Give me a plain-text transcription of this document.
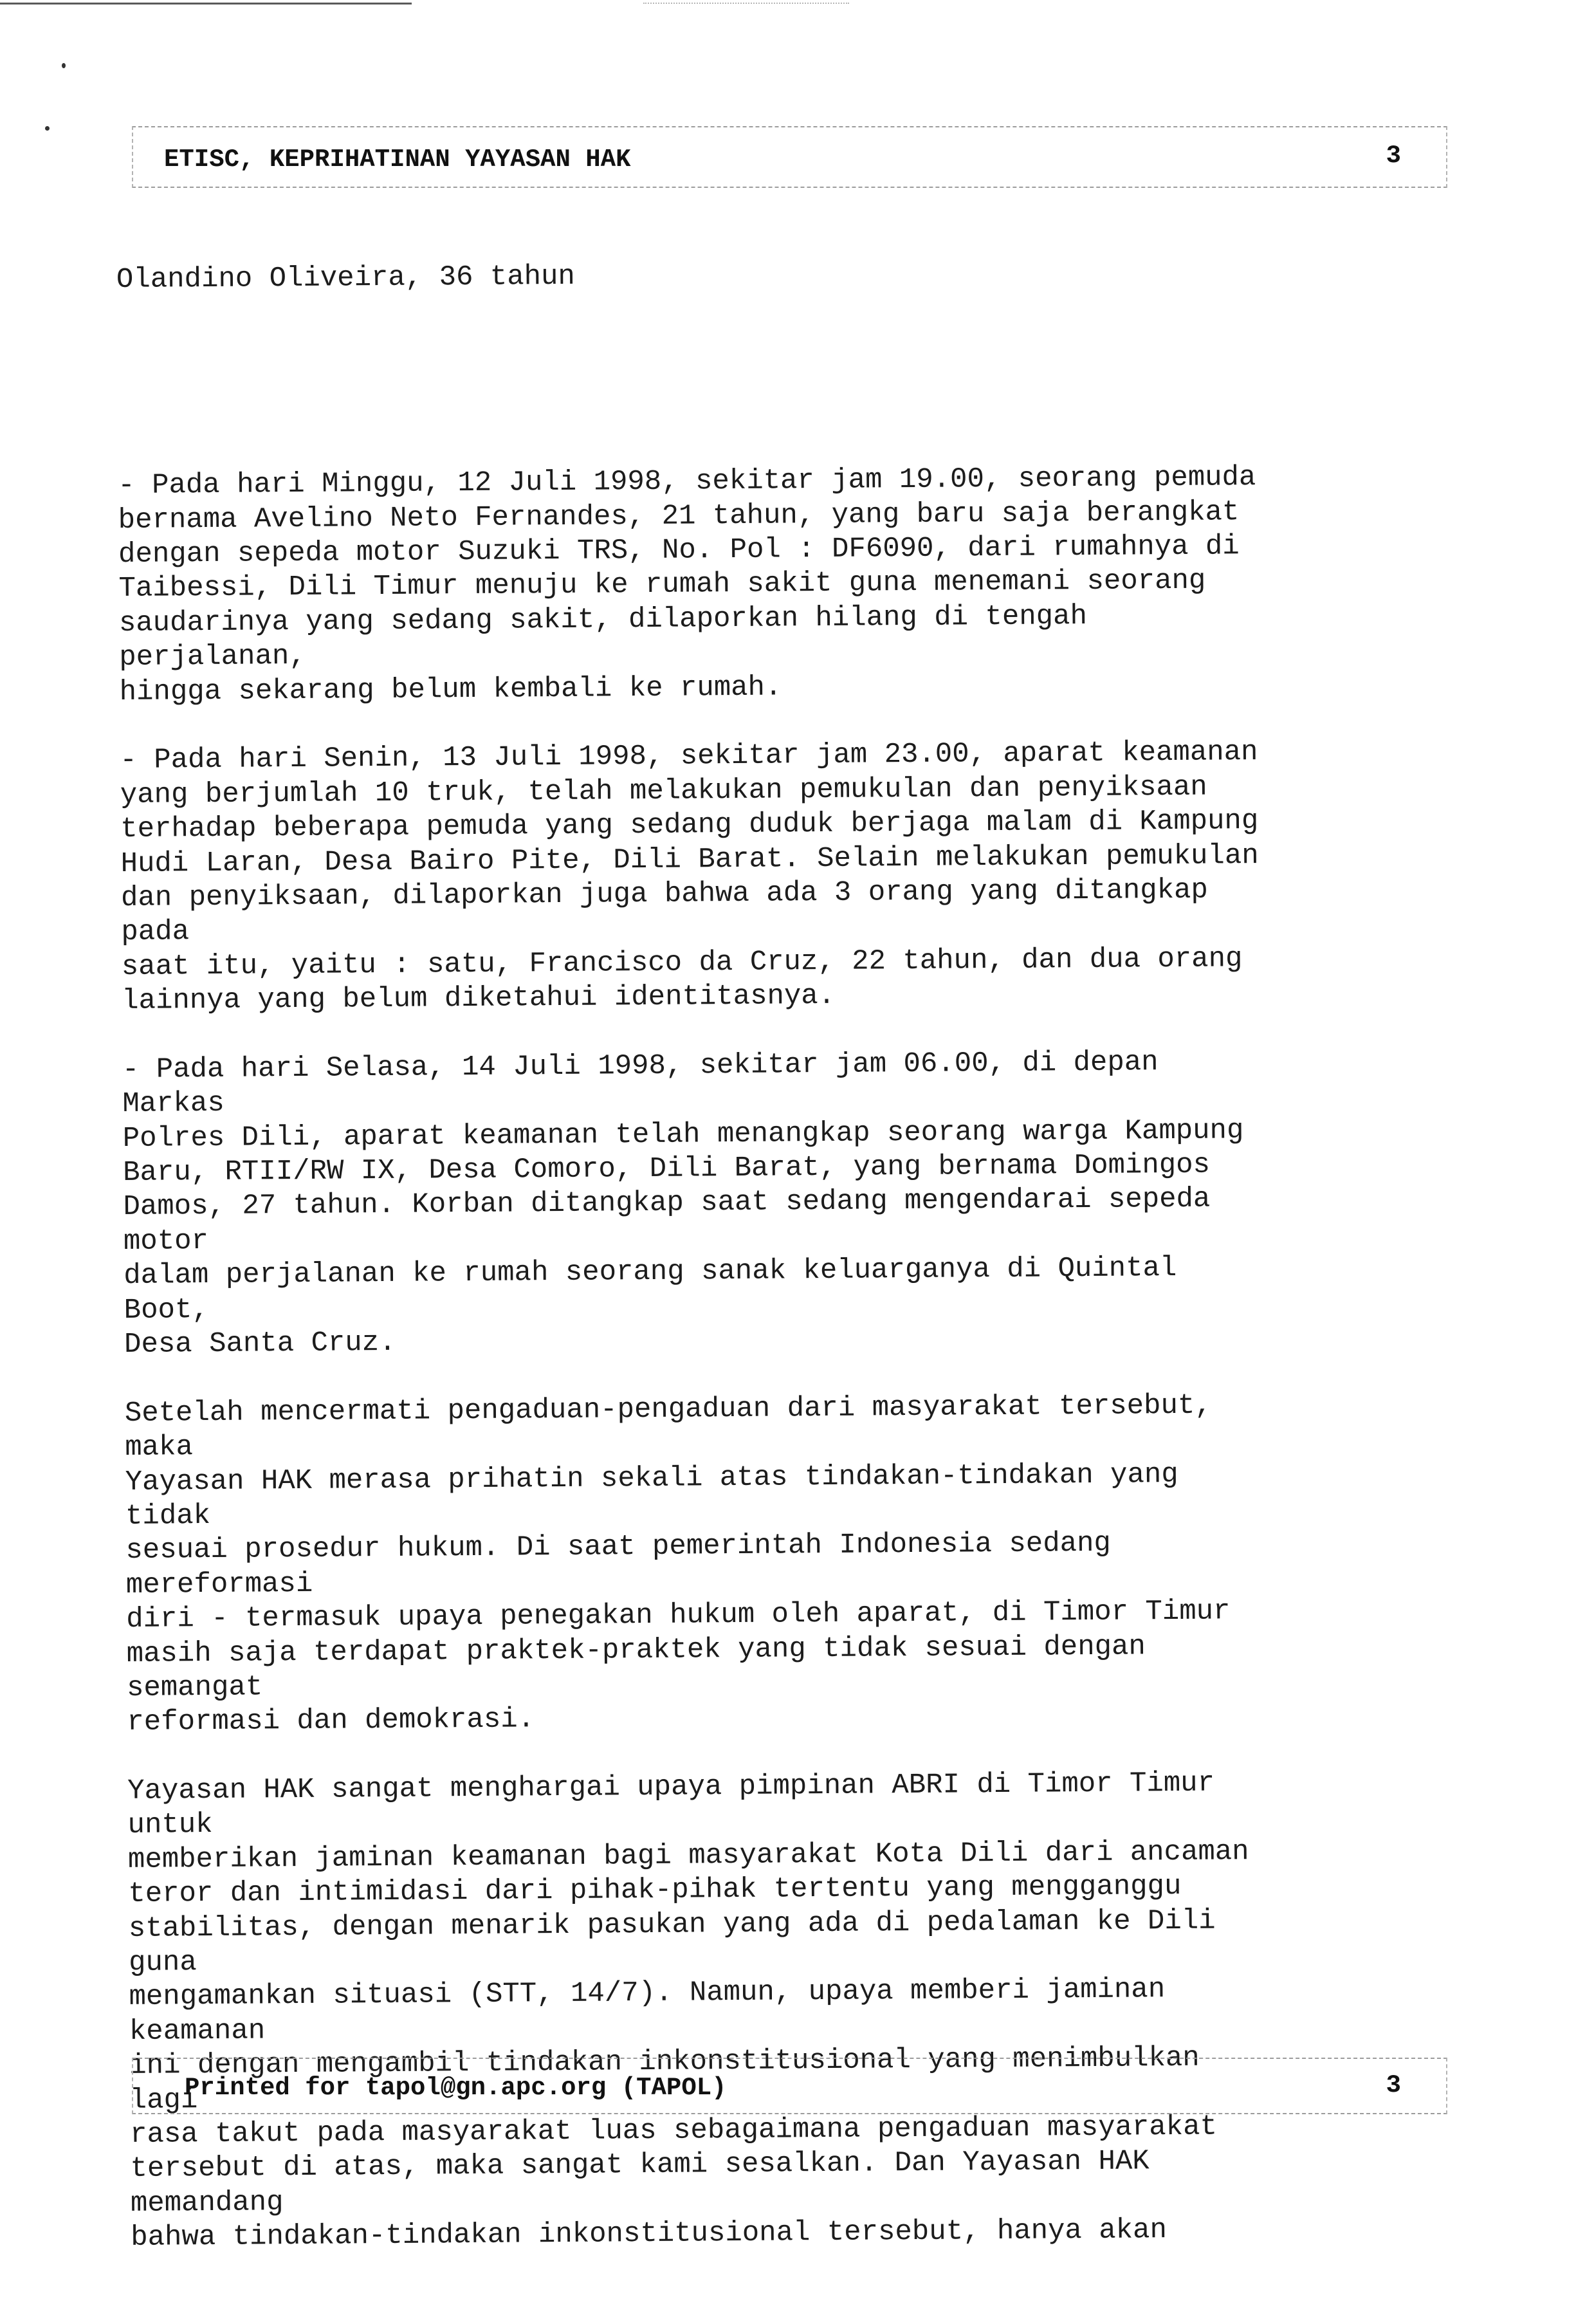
ETISC, KEPRIHATINAN YAYASAN HAK	3

Olandino Oliveira, 36 tahun

- Pada hari Minggu, 12 Juli 1998, sekitar jam 19.00, seorang pemuda
bernama Avelino Neto Fernandes, 21 tahun, yang baru saja berangkat
dengan sepeda motor Suzuki TRS, No. Pol : DF6090, dari rumahnya di
Taibessi, Dili Timur menuju ke rumah sakit guna menemani seorang
saudarinya yang sedang sakit, dilaporkan hilang di tengah
perjalanan,
hingga sekarang belum kembali ke rumah.
- Pada hari Senin, 13 Juli 1998, sekitar jam 23.00, aparat keamanan
yang berjumlah 10 truk, telah melakukan pemukulan dan penyiksaan
terhadap beberapa pemuda yang sedang duduk berjaga malam di Kampung
Hudi Laran, Desa Bairo Pite, Dili Barat. Selain melakukan pemukulan
dan penyiksaan, dilaporkan juga bahwa ada 3 orang yang ditangkap
pada
saat itu, yaitu : satu, Francisco da Cruz, 22 tahun, dan dua orang
lainnya yang belum diketahui identitasnya.
- Pada hari Selasa, 14 Juli 1998, sekitar jam 06.00, di depan
Markas
Polres Dili, aparat keamanan telah menangkap seorang warga Kampung
Baru, RTII/RW IX, Desa Comoro, Dili Barat, yang bernama Domingos
Damos, 27 tahun. Korban ditangkap saat sedang mengendarai sepeda
motor
dalam perjalanan ke rumah seorang sanak keluarganya di Quintal
Boot,
Desa Santa Cruz.
Setelah mencermati pengaduan-pengaduan dari masyarakat tersebut,
maka
Yayasan HAK merasa prihatin sekali atas tindakan-tindakan yang
tidak
sesuai prosedur hukum. Di saat pemerintah Indonesia sedang
mereformasi
diri - termasuk upaya penegakan hukum oleh aparat, di Timor Timur
masih saja terdapat praktek-praktek yang tidak sesuai dengan
semangat
reformasi dan demokrasi.
Yayasan HAK sangat menghargai upaya pimpinan ABRI di Timor Timur
untuk
memberikan jaminan keamanan bagi masyarakat Kota Dili dari ancaman
teror dan intimidasi dari pihak-pihak tertentu yang mengganggu
stabilitas, dengan menarik pasukan yang ada di pedalaman ke Dili
guna
mengamankan situasi (STT, 14/7). Namun, upaya memberi jaminan
keamanan
ini dengan mengambil tindakan inkonstitusional yang menimbulkan
lagi
rasa takut pada masyarakat luas sebagaimana pengaduan masyarakat
tersebut di atas, maka sangat kami sesalkan. Dan Yayasan HAK
memandang
bahwa tindakan-tindakan inkonstitusional tersebut, hanya akan

Printed for tapol@gn.apc.org (TAPOL)	3
